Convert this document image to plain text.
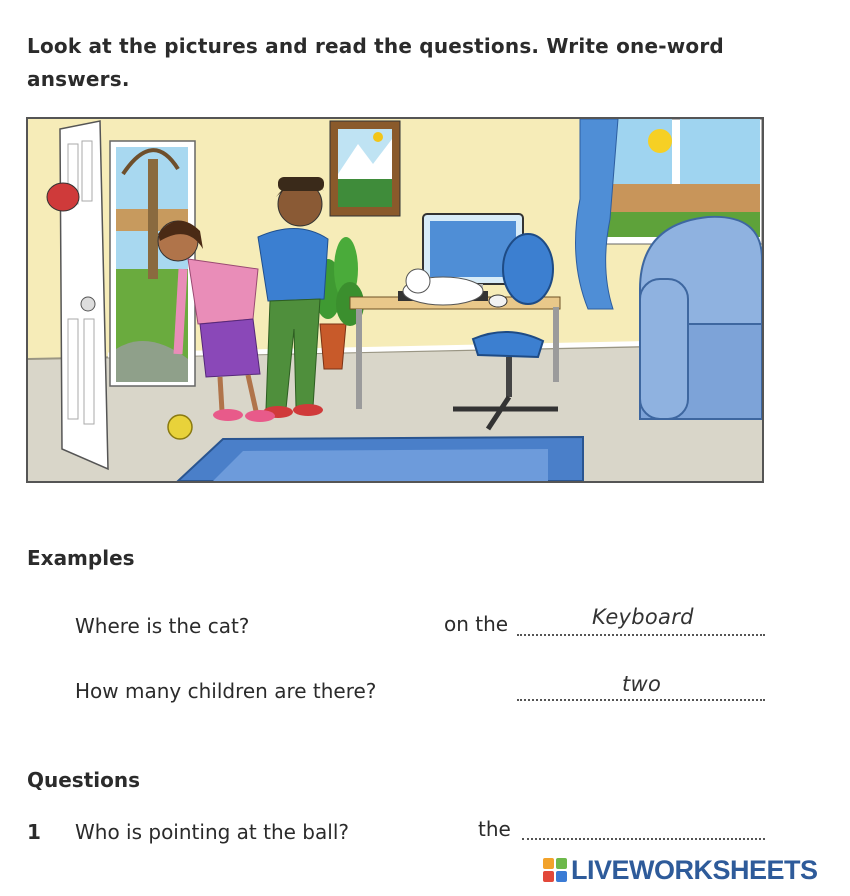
Look at the pictures and read the questions. Write one-word answers.
Examples
Where is the cat?	on the	Keyboard
How many children are there?	two
Questions
1 Who is pointing at the ball?	the
LIVEWORKSHEETS
